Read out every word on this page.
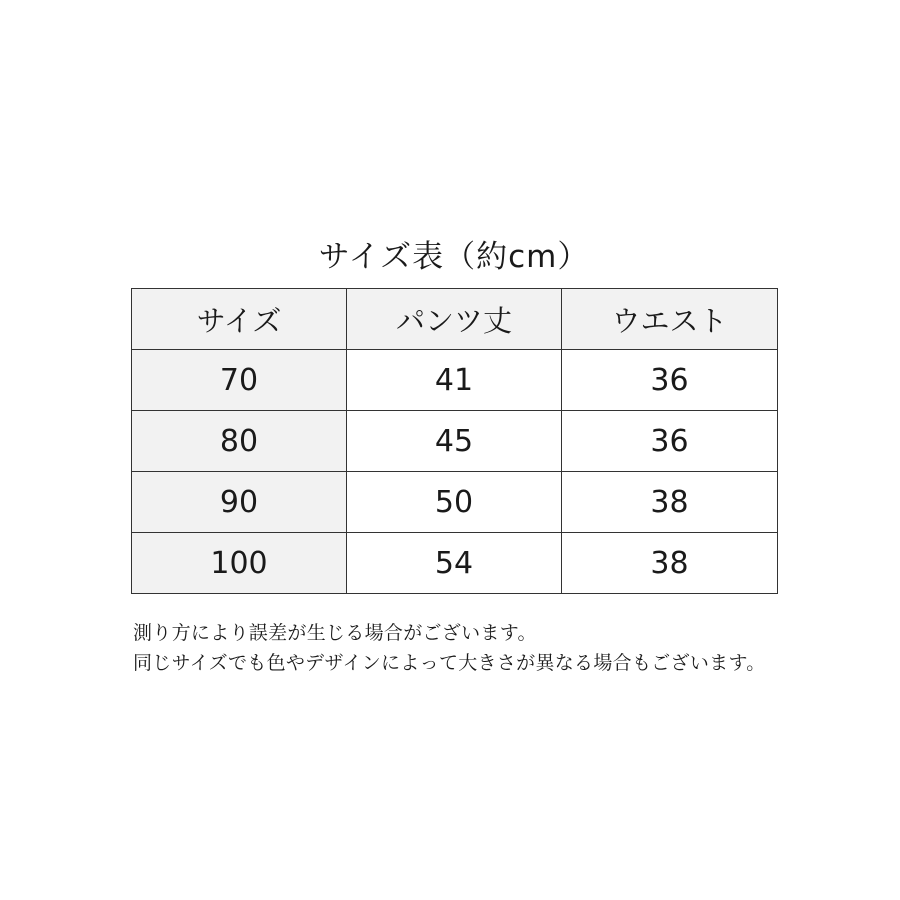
サイズ表（約cm）
サイズ	パンツ丈	ウエスト
70	41	36
80	45	36
90	50	38
100	54	38
測り方により誤差が生じる場合がございます。
同じサイズでも色やデザインによって大きさが異なる場合もございます。
